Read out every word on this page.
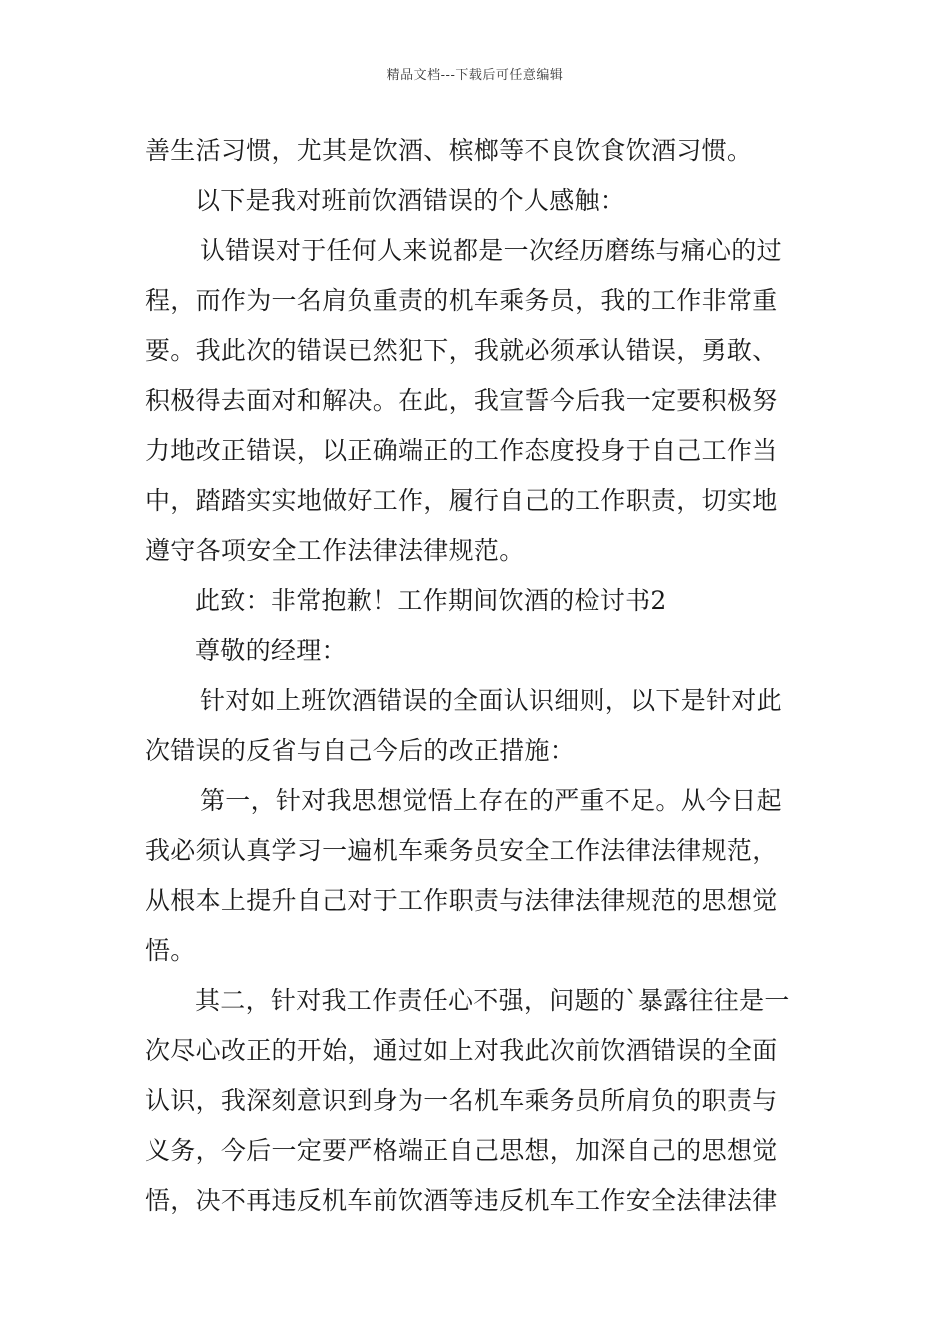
精品文档---下载后可任意编辑
善生活习惯，尤其是饮酒、槟榔等不良饮食饮酒习惯。
以下是我对班前饮酒错误的个人感触：
认错误对于任何人来说都是一次经历磨练与痛心的过
程，而作为一名肩负重责的机车乘务员，我的工作非常重
要。我此次的错误已然犯下，我就必须承认错误，勇敢、
积极得去面对和解决。在此，我宣誓今后我一定要积极努
力地改正错误，以正确端正的工作态度投身于自己工作当
中，踏踏实实地做好工作，履行自己的工作职责，切实地
遵守各项安全工作法律法律规范。
此致：非常抱歉！工作期间饮酒的检讨书2
尊敬的经理：
针对如上班饮酒错误的全面认识细则，以下是针对此
次错误的反省与自己今后的改正措施：
第一，针对我思想觉悟上存在的严重不足。从今日起
我必须认真学习一遍机车乘务员安全工作法律法律规范，
从根本上提升自己对于工作职责与法律法律规范的思想觉
悟。
其二，针对我工作责任心不强，问题的`暴露往往是一
次尽心改正的开始，通过如上对我此次前饮酒错误的全面
认识，我深刻意识到身为一名机车乘务员所肩负的职责与
义务，今后一定要严格端正自己思想，加深自己的思想觉
悟，决不再违反机车前饮酒等违反机车工作安全法律法律
